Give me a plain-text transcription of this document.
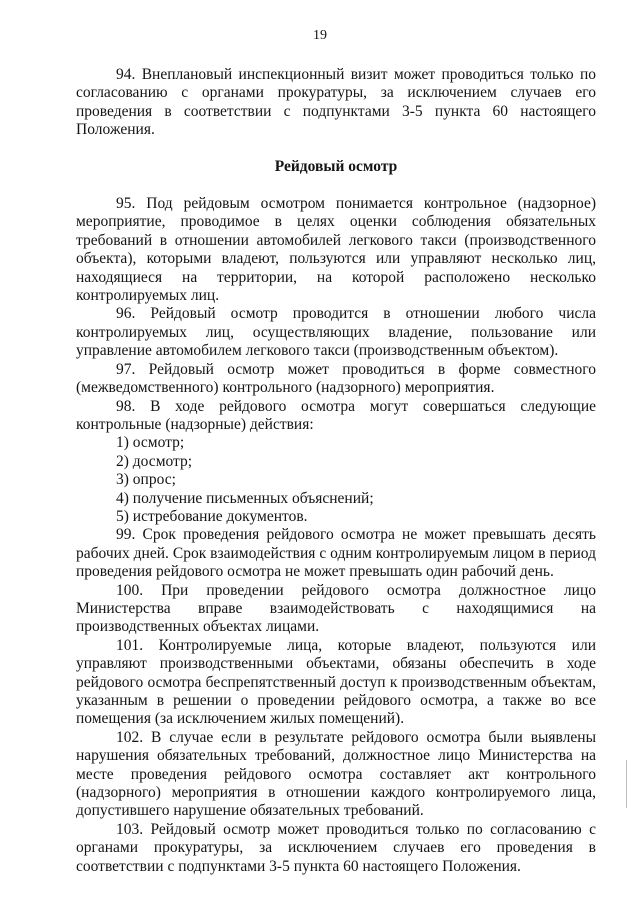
19

94. Внеплановый инспекционный визит может проводиться только по согласованию с органами прокуратуры, за исключением случаев его проведения в соответствии с подпунктами 3-5 пункта 60 настоящего Положения.

Рейдовый осмотр

95. Под рейдовым осмотром понимается контрольное (надзорное) мероприятие, проводимое в целях оценки соблюдения обязательных требований в отношении автомобилей легкового такси (производственного объекта), которыми владеют, пользуются или управляют несколько лиц, находящиеся на территории, на которой расположено несколько контролируемых лиц.

96. Рейдовый осмотр проводится в отношении любого числа контролируемых лиц, осуществляющих владение, пользование или управление автомобилем легкового такси (производственным объектом).

97. Рейдовый осмотр может проводиться в форме совместного (межведомственного) контрольного (надзорного) мероприятия.

98. В ходе рейдового осмотра могут совершаться следующие контрольные (надзорные) действия:

1) осмотр;

2) досмотр;

3) опрос;

4) получение письменных объяснений;

5) истребование документов.

99. Срок проведения рейдового осмотра не может превышать десять рабочих дней. Срок взаимодействия с одним контролируемым лицом в период проведения рейдового осмотра не может превышать один рабочий день.

100. При проведении рейдового осмотра должностное лицо Министерства вправе взаимодействовать с находящимися на производственных объектах лицами.

101. Контролируемые лица, которые владеют, пользуются или управляют производственными объектами, обязаны обеспечить в ходе рейдового осмотра беспрепятственный доступ к производственным объектам, указанным в решении о проведении рейдового осмотра, а также во все помещения (за исключением жилых помещений).

102. В случае если в результате рейдового осмотра были выявлены нарушения обязательных требований, должностное лицо Министерства на месте проведения рейдового осмотра составляет акт контрольного (надзорного) мероприятия в отношении каждого контролируемого лица, допустившего нарушение обязательных требований.

103. Рейдовый осмотр может проводиться только по согласованию с органами прокуратуры, за исключением случаев его проведения в соответствии с подпунктами 3-5 пункта 60 настоящего Положения.
